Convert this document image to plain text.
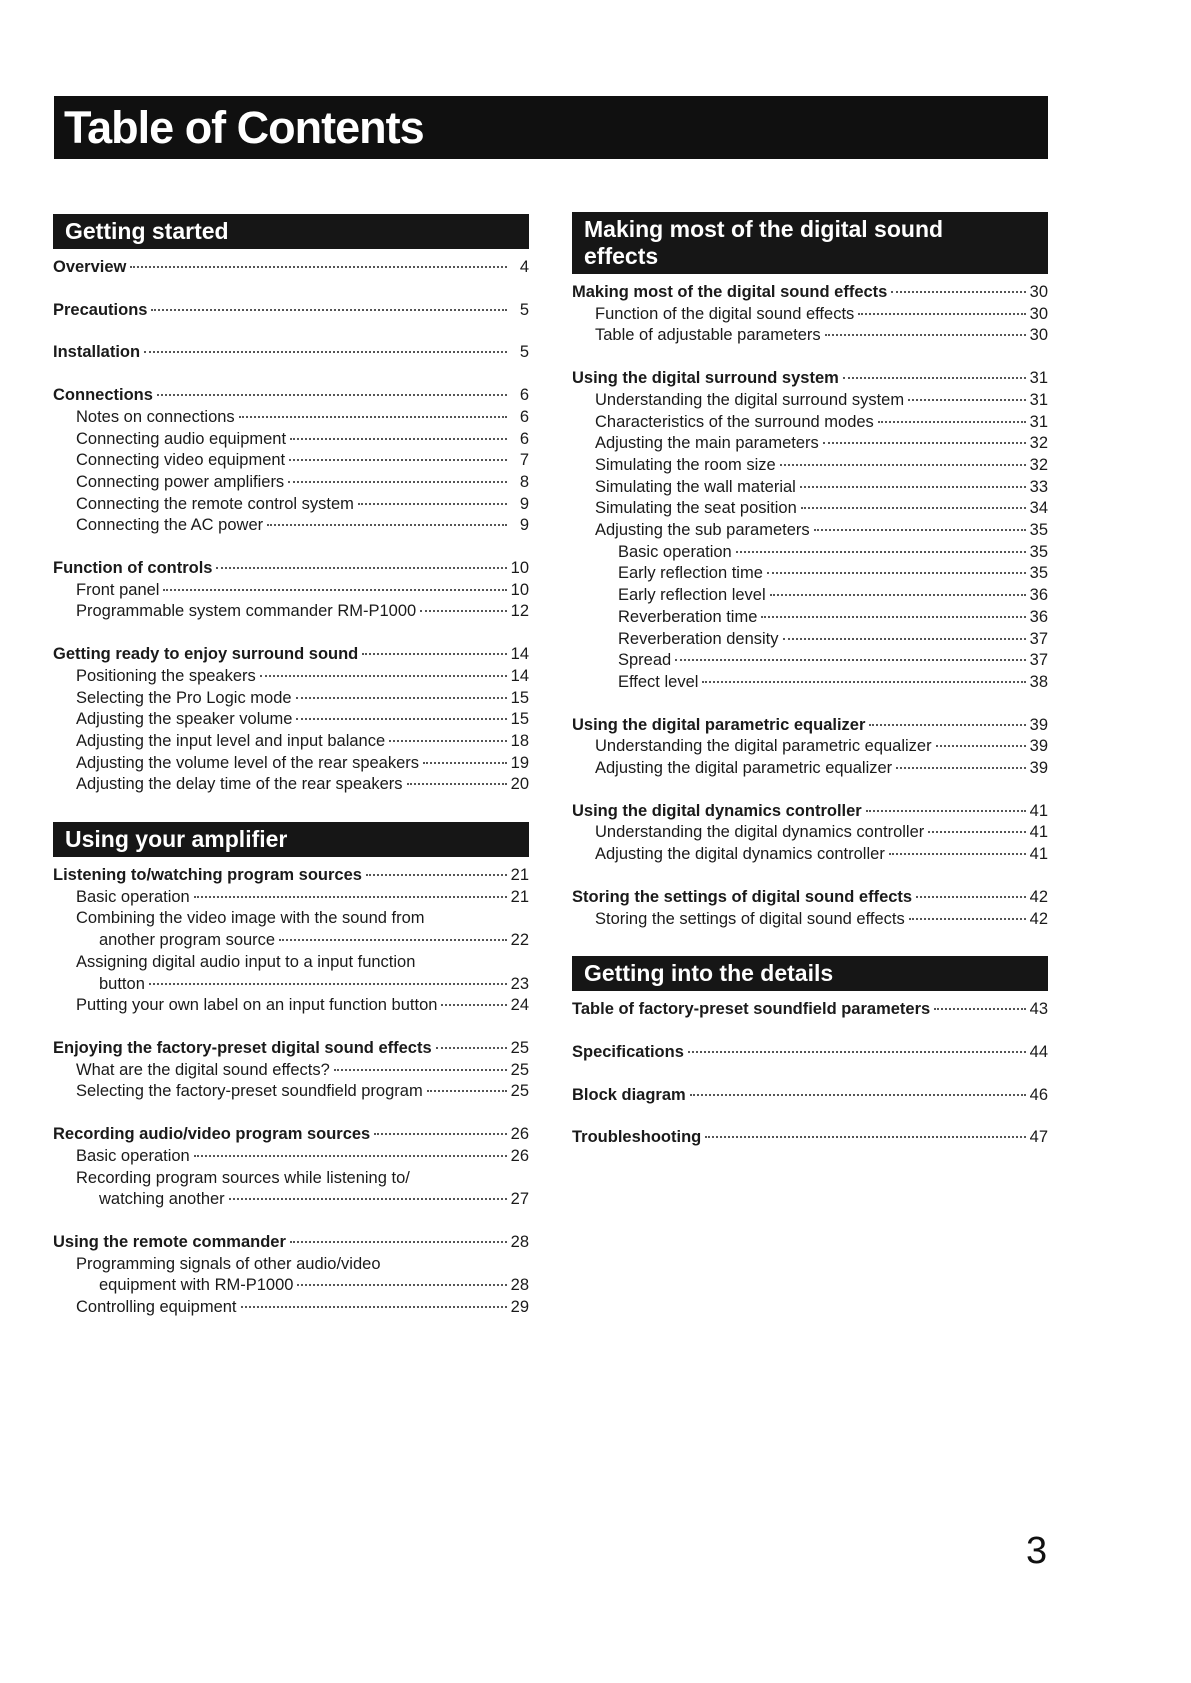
Table of Contents
Getting started
Overview	4
Precautions	5
Installation	5
Connections	6
Notes on connections	6
Connecting audio equipment	6
Connecting video equipment	7
Connecting power amplifiers	8
Connecting the remote control system	9
Connecting the AC power	9
Function of controls	10
Front panel	10
Programmable system commander RM-P1000	12
Getting ready to enjoy surround sound	14
Positioning the speakers	14
Selecting the Pro Logic mode	15
Adjusting the speaker volume	15
Adjusting the input level and input balance	18
Adjusting the volume level of the rear speakers	19
Adjusting the delay time of the rear speakers	20
Using your amplifier
Listening to/watching program sources	21
Basic operation	21
Combining the video image with the sound from
another program source	22
Assigning digital audio input to a input function
button	23
Putting your own label on an input function button	24
Enjoying the factory-preset digital sound effects	25
What are the digital sound effects?	25
Selecting the factory-preset soundfield program	25
Recording audio/video program sources	26
Basic operation	26
Recording program sources while listening to/
watching another	27
Using the remote commander	28
Programming signals of other audio/video
equipment with RM-P1000	28
Controlling equipment	29
Making most of the digital sound
effects
Making most of the digital sound effects	30
Function of the digital sound effects	30
Table of adjustable parameters	30
Using the digital surround system	31
Understanding the digital surround system	31
Characteristics of the surround modes	31
Adjusting the main parameters	32
Simulating the room size	32
Simulating the wall material	33
Simulating the seat position	34
Adjusting the sub parameters	35
Basic operation	35
Early reflection time	35
Early reflection level	36
Reverberation time	36
Reverberation density	37
Spread	37
Effect level	38
Using the digital parametric equalizer	39
Understanding the digital parametric equalizer	39
Adjusting the digital parametric equalizer	39
Using the digital dynamics controller	41
Understanding the digital dynamics controller	41
Adjusting the digital dynamics controller	41
Storing the settings of digital sound effects	42
Storing the settings of digital sound effects	42
Getting into the details
Table of factory-preset soundfield parameters	43
Specifications	44
Block diagram	46
Troubleshooting	47
3
